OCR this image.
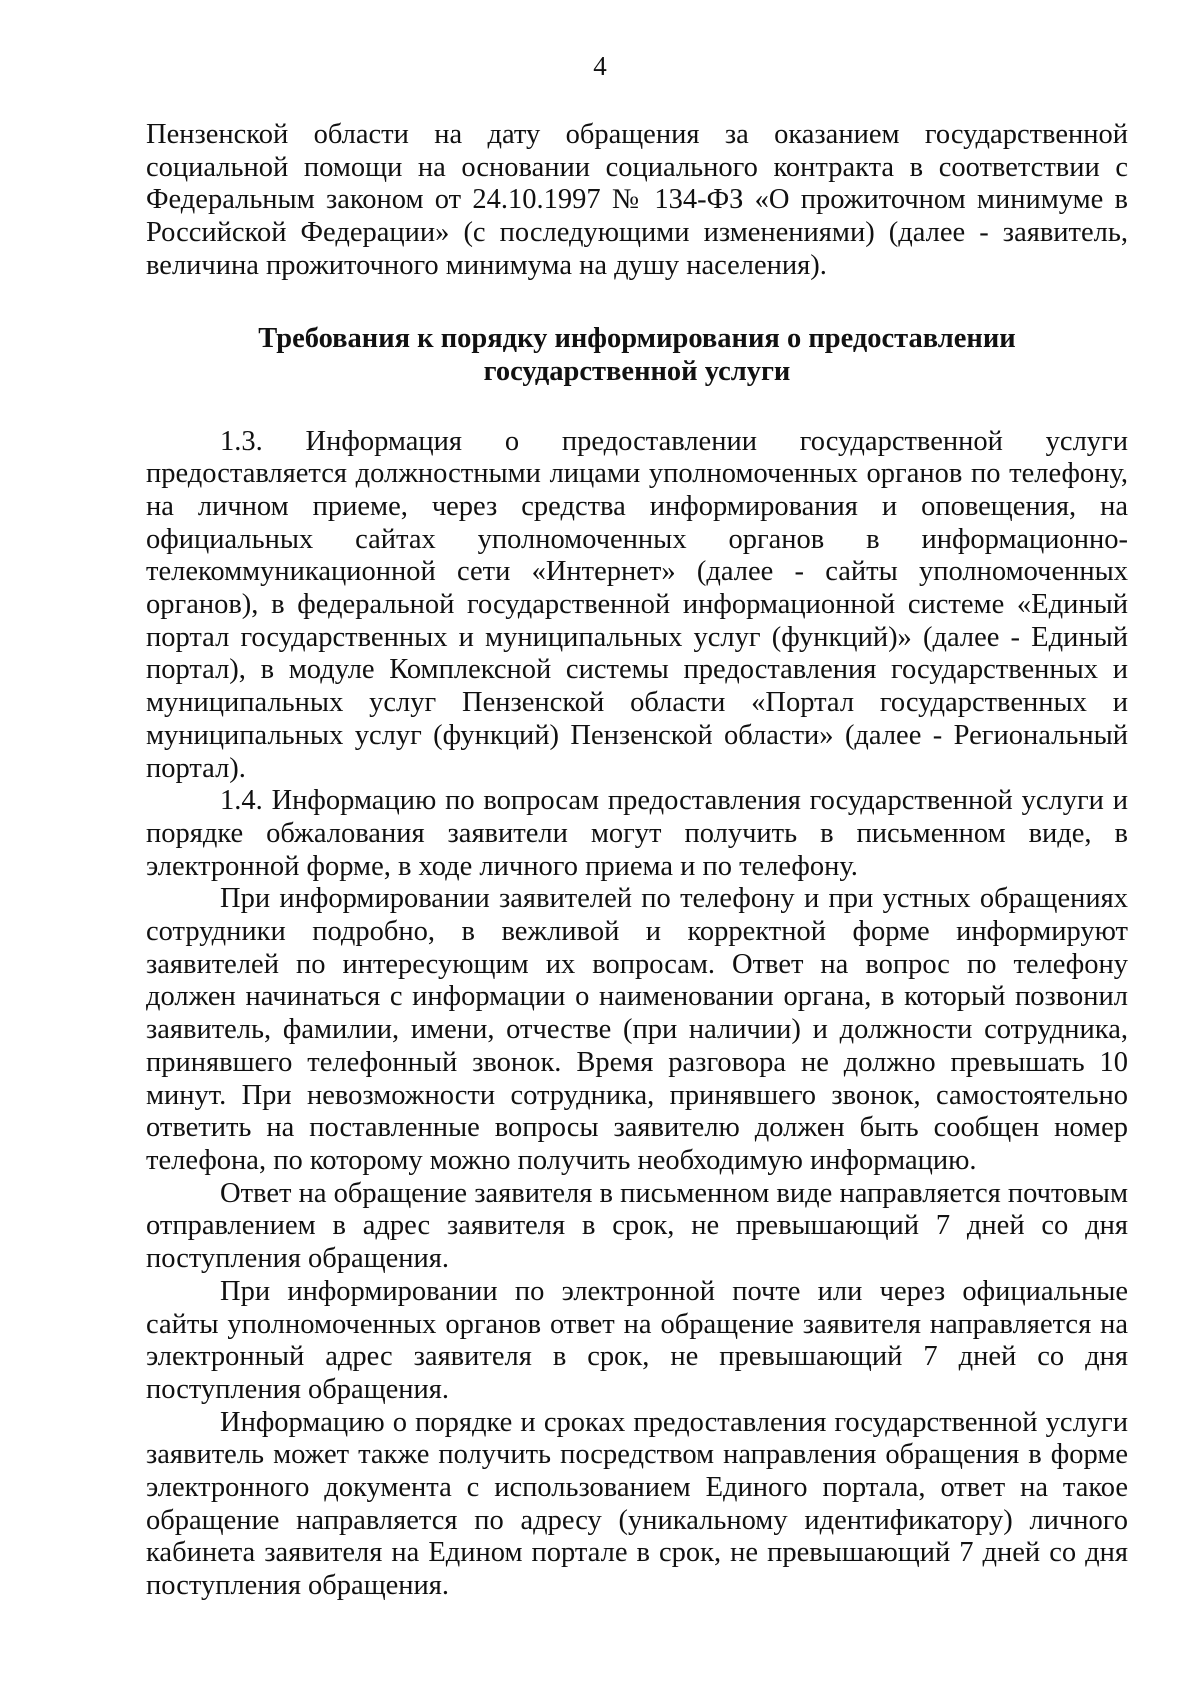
4

Пензенской области на дату обращения за оказанием государственной социальной помощи на основании социального контракта в соответствии с Федеральным законом от 24.10.1997 № 134-ФЗ «О прожиточном минимуме в Российской Федерации» (с последующими изменениями) (далее - заявитель, величина прожиточного минимума на душу населения).

Требования к порядку информирования о предоставлении
государственной услуги

1.3. Информация о предоставлении государственной услуги предоставляется должностными лицами уполномоченных органов по телефону, на личном приеме, через средства информирования и оповещения, на официальных сайтах уполномоченных органов в информационно-телекоммуникационной сети «Интернет» (далее - сайты уполномоченных органов), в федеральной государственной информационной системе «Единый портал государственных и муниципальных услуг (функций)» (далее - Единый портал), в модуле Комплексной системы предоставления государственных и муниципальных услуг Пензенской области «Портал государственных и муниципальных услуг (функций) Пензенской области» (далее - Региональный портал).

1.4. Информацию по вопросам предоставления государственной услуги и порядке обжалования заявители могут получить в письменном виде, в электронной форме, в ходе личного приема и по телефону.

При информировании заявителей по телефону и при устных обращениях сотрудники подробно, в вежливой и корректной форме информируют заявителей по интересующим их вопросам. Ответ на вопрос по телефону должен начинаться с информации о наименовании органа, в который позвонил заявитель, фамилии, имени, отчестве (при наличии) и должности сотрудника, принявшего телефонный звонок. Время разговора не должно превышать 10 минут. При невозможности сотрудника, принявшего звонок, самостоятельно ответить на поставленные вопросы заявителю должен быть сообщен номер телефона, по которому можно получить необходимую информацию.

Ответ на обращение заявителя в письменном виде направляется почтовым отправлением в адрес заявителя в срок, не превышающий 7 дней со дня поступления обращения.

При информировании по электронной почте или через официальные сайты уполномоченных органов ответ на обращение заявителя направляется на электронный адрес заявителя в срок, не превышающий 7 дней со дня поступления обращения.

Информацию о порядке и сроках предоставления государственной услуги заявитель может также получить посредством направления обращения в форме электронного документа с использованием Единого портала, ответ на такое обращение направляется по адресу (уникальному идентификатору) личного кабинета заявителя на Едином портале в срок, не превышающий 7 дней со дня поступления обращения.
